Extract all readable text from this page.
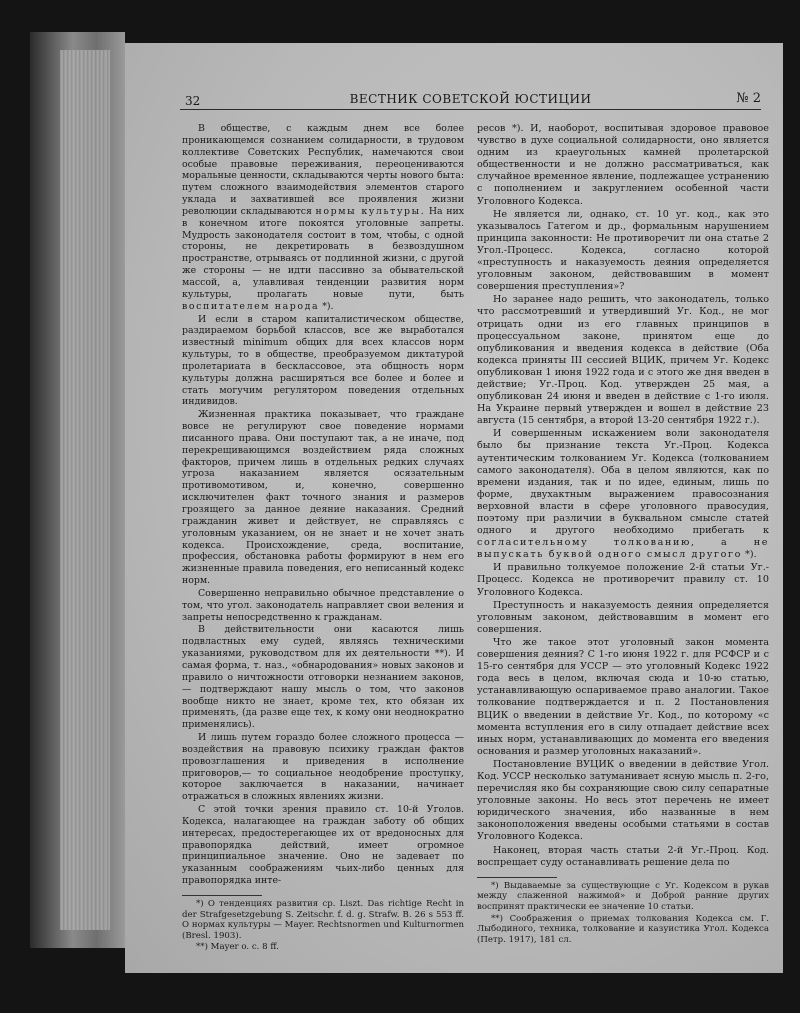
32	ВЕСТНИК СОВЕТСКОЙ ЮСТИЦИИ	№ 2

В обществе, с каждым днем все более проникающемся сознанием солидарности, в трудовом коллективе Советских Республик, намечаются свои особые правовые переживания, переоцениваются моральные ценности, складываются черты нового быта: путем сложного взаимодействия элементов старого уклада и захватившей все проявления жизни революции складываются нормы культуры. На них в конечном итоге покоятся уголовные запреты. Мудрость законодателя состоит в том, чтобы, с одной стороны, не декретировать в безвоздушном пространстве, отрываясь от подлинной жизни, с другой же стороны — не идти пассивно за обывательской массой, а, улавливая тенденции развития норм культуры, пролагать новые пути, быть воспитателем народа *).

И если в старом капиталистическом обществе, раздираемом борьбой классов, все же выработался известный minimum общих для всех классов норм культуры, то в обществе, преобразуемом диктатурой пролетариата в бесклассовое, эта общность норм культуры должна расширяться все более и более и стать могучим регулятором поведения отдельных индивидов.

Жизненная практика показывает, что граждане вовсе не регулируют свое поведение нормами писанного права. Они поступают так, а не иначе, под перекрещивающимся воздействием ряда сложных факторов, причем лишь в отдельных редких случаях угроза наказанием является осязательным противомотивом, и, конечно, совершенно исключителен факт точного знания и размеров грозящего за данное деяние наказания. Средний гражданин живет и действует, не справляясь с уголовным указанием, он не знает и не хочет знать кодекса. Происхождение, среда, воспитание, профессия, обстановка работы формируют в нем его жизненные правила поведения, его неписанный кодекс норм.

Совершенно неправильно обычное представление о том, что угол. законодатель направляет свои веления и запреты непосредственно к гражданам.

В действительности они касаются лишь подвластных ему судей, являясь техническими указаниями, руководством для их деятельности **). И самая форма, т. наз., «обнародования» новых законов и правило о ничтожности отговорки незнанием законов,— подтверждают нашу мысль о том, что законов вообще никто не знает, кроме тех, кто обязан их применять, (да разве еще тех, к кому они неоднократно применялись).

И лишь путем гораздо более сложного процесса — воздействия на правовую психику граждан фактов провозглашения и приведения в исполнение приговоров,— то социальное неодобрение проступку, которое заключается в наказании, начинает отражаться в сложных явлениях жизни.

С этой точки зрения правило ст. 10-й Уголов. Кодекса, налагающее на граждан заботу об общих интересах, предостерегающее их от вредоносных для правопорядка действий, имеет огромное принципиальное значение. Оно не задевает по указанным соображениям чьих-либо ценных для правопорядка инте-

*) О тенденциях развития ср. Liszt. Das richtige Recht in der Strafgesetzgebung S. Zeitschr. f. d. g. Strafw. B. 26 s 553 ff. О нормах культуры — Mayer. Rechtsnormen und Kulturnormen (Bresl. 1903).

**) Mayer o. c. 8 ff.

ресов *). И, наоборот, воспитывая здоровое правовое чувство в духе социальной солидарности, оно является одним из краеугольных камней пролетарской общественности и не должно рассматриваться, как случайное временное явление, подлежащее устранению с пополнением и закруглением особенной части Уголовного Кодекса.

Не является ли, однако, ст. 10 уг. код., как это указывалось Гатегом и др., формальным нарушением принципа законности: Не противоречит ли она статье 2 Угол.-Процесс. Кодекса, согласно которой «преступность и наказуемость деяния определяется уголовным законом, действовавшим в момент совершения преступления»?

Но заранее надо решить, что законодатель, только что рассмотревший и утвердивший Уг. Код., не мог отрицать одни из его главных принципов в процессуальном законе, принятом еще до опубликования и введения кодекса в действие (Оба кодекса приняты III сессией ВЦИК, причем Уг. Кодекс опубликован 1 июня 1922 года и с этого же дня введен в действие; Уг.-Проц. Код. утвержден 25 мая, а опубликован 24 июня и введен в действие с 1-го июля. На Украине первый утвержден и вошел в действие 23 августа (15 сентября, а второй 13-20 сентября 1922 г.).

И совершенным искажением воли законодателя было бы признание текста Уг.-Проц. Кодекса аутентическим толкованием Уг. Кодекса (толкованием самого законодателя). Оба в целом являются, как по времени издания, так и по идее, единым, лишь по форме, двухактным выражением правосознания верховной власти в сфере уголовного правосудия, поэтому при различии в буквальном смысле статей одного и другого необходимо прибегать к согласительному толкованию, а не выпускать буквой одного смысл другого *).

И правильно толкуемое положение 2-й статьи Уг.-Процесс. Кодекса не противоречит правилу ст. 10 Уголовного Кодекса.

Преступность и наказуемость деяния определяется уголовным законом, действовавшим в момент его совершения.

Что же такое этот уголовный закон момента совершения деяния? С 1-го июня 1922 г. для РСФСР и с 15-го сентября для УССР — это уголовный Кодекс 1922 года весь в целом, включая сюда и 10-ю статью, устанавливающую оспариваемое право аналогии. Такое толкование подтверждается и п. 2 Постановления ВЦИК о введении в действие Уг. Код., по которому «с момента вступления его в силу отпадает действие всех иных норм, устанавливающих до момента его введения основания и размер уголовных наказаний».

Постановление ВУЦИК о введении в действие Угол. Код. УССР несколько затуманивает ясную мысль п. 2-го, перечисляя яко бы сохраняющие свою силу сепаратные уголовные законы. Но весь этот перечень не имеет юридического значения, ибо названные в нем законоположения введены особыми статьями в состав Уголовного Кодекса.

Наконец, вторая часть статьи 2-й Уг.-Проц. Код. воспрещает суду останавливать решение дела по

*) Выдаваемые за существующие с Уг. Кодексом в рукав между слаженной нажимой» и Доброй ранние других воспринят практически ее значение 10 статьи.

**) Соображения о приемах толкования Кодекса см. Г. Лыбодиного, техника, толкование и казуистика Угол. Кодекса (Петр. 1917), 181 сл.
